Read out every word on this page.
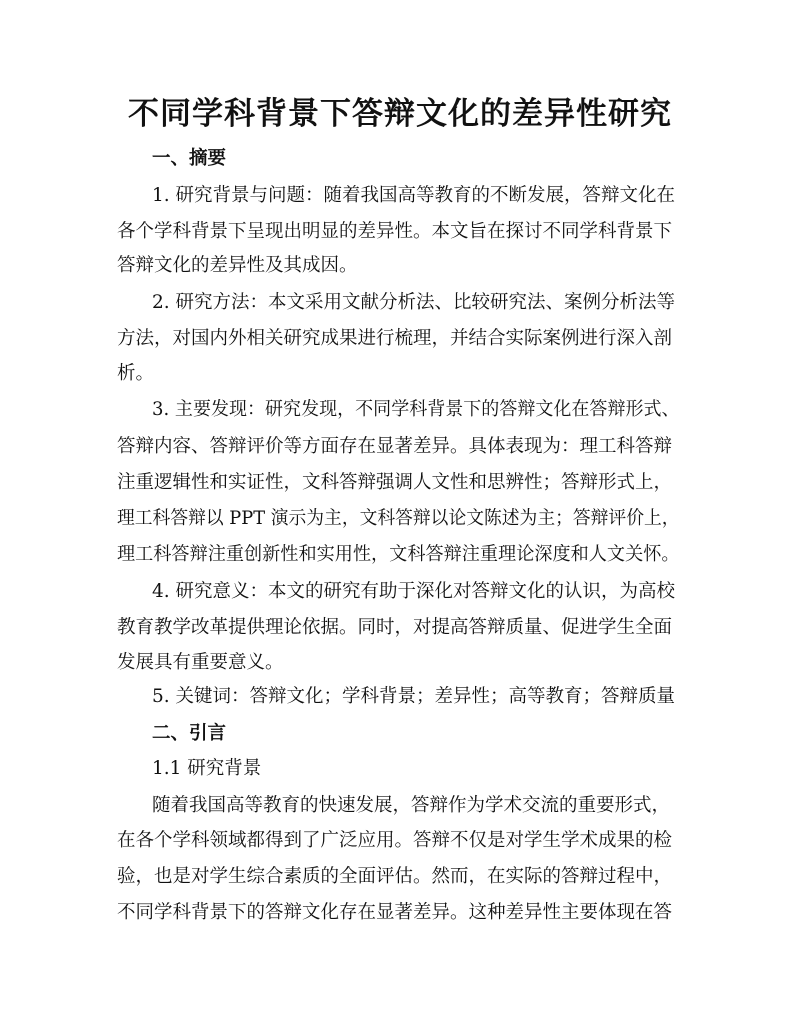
不同学科背景下答辩文化的差异性研究
一、摘要
1. 研究背景与问题：随着我国高等教育的不断发展，答辩文化在
各个学科背景下呈现出明显的差异性。本文旨在探讨不同学科背景下
答辩文化的差异性及其成因。
2. 研究方法：本文采用文献分析法、比较研究法、案例分析法等
方法，对国内外相关研究成果进行梳理，并结合实际案例进行深入剖
析。
3. 主要发现：研究发现，不同学科背景下的答辩文化在答辩形式、
答辩内容、答辩评价等方面存在显著差异。具体表现为：理工科答辩
注重逻辑性和实证性，文科答辩强调人文性和思辨性；答辩形式上，
理工科答辩以 PPT 演示为主，文科答辩以论文陈述为主；答辩评价上，
理工科答辩注重创新性和实用性，文科答辩注重理论深度和人文关怀。
4. 研究意义：本文的研究有助于深化对答辩文化的认识，为高校
教育教学改革提供理论依据。同时，对提高答辩质量、促进学生全面
发展具有重要意义。
5. 关键词：答辩文化；学科背景；差异性；高等教育；答辩质量
二、引言
1.1 研究背景
随着我国高等教育的快速发展，答辩作为学术交流的重要形式，
在各个学科领域都得到了广泛应用。答辩不仅是对学生学术成果的检
验，也是对学生综合素质的全面评估。然而，在实际的答辩过程中，
不同学科背景下的答辩文化存在显著差异。这种差异性主要体现在答
